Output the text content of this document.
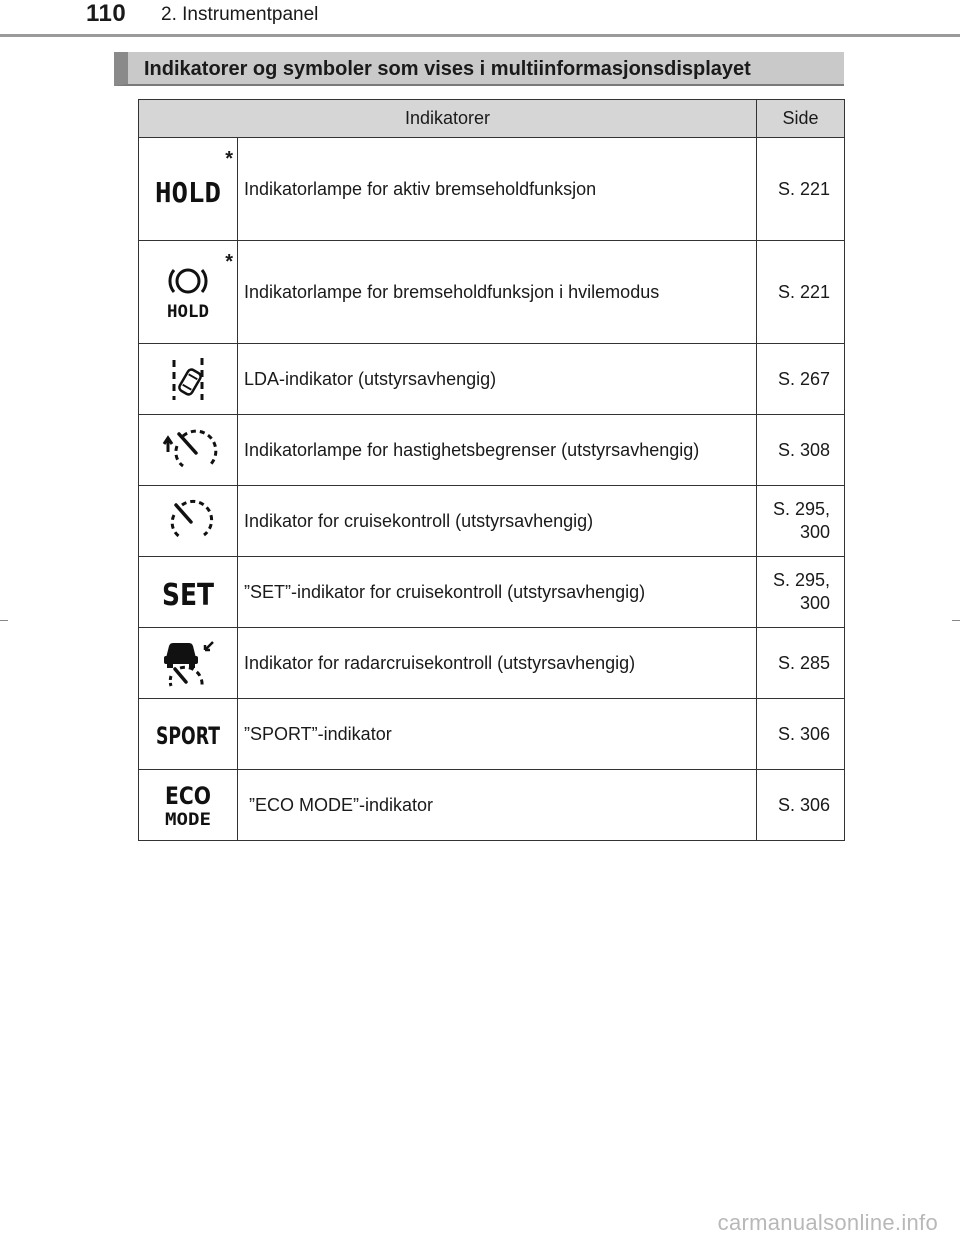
110 2. Instrumentpanel
Indikatorer og symboler som vises i multiinformasjonsdisplayet
Indikatorer		Side

*
HOLD	Indikatorlampe for aktiv bremseholdfunksjon	S. 221

*
HOLD	Indikatorlampe for bremseholdfunksjon i hvilemodus	S. 221

	LDA-indikator (utstyrsavhengig)	S. 267

	Indikatorlampe for hastighetsbegrenser (utstyrsavhengig)	S. 308

	Indikator for cruisekontroll (utstyrsavhengig)	S. 295, 300

SET	”SET”-indikator for cruisekontroll (utstyrsavhengig)	S. 295, 300

	Indikator for radarcruisekontroll (utstyrsavhengig)	S. 285

SPORT	”SPORT”-indikator	S. 306

ECO
MODE	”ECO MODE”-indikator	S. 306
carmanualsonline.info
